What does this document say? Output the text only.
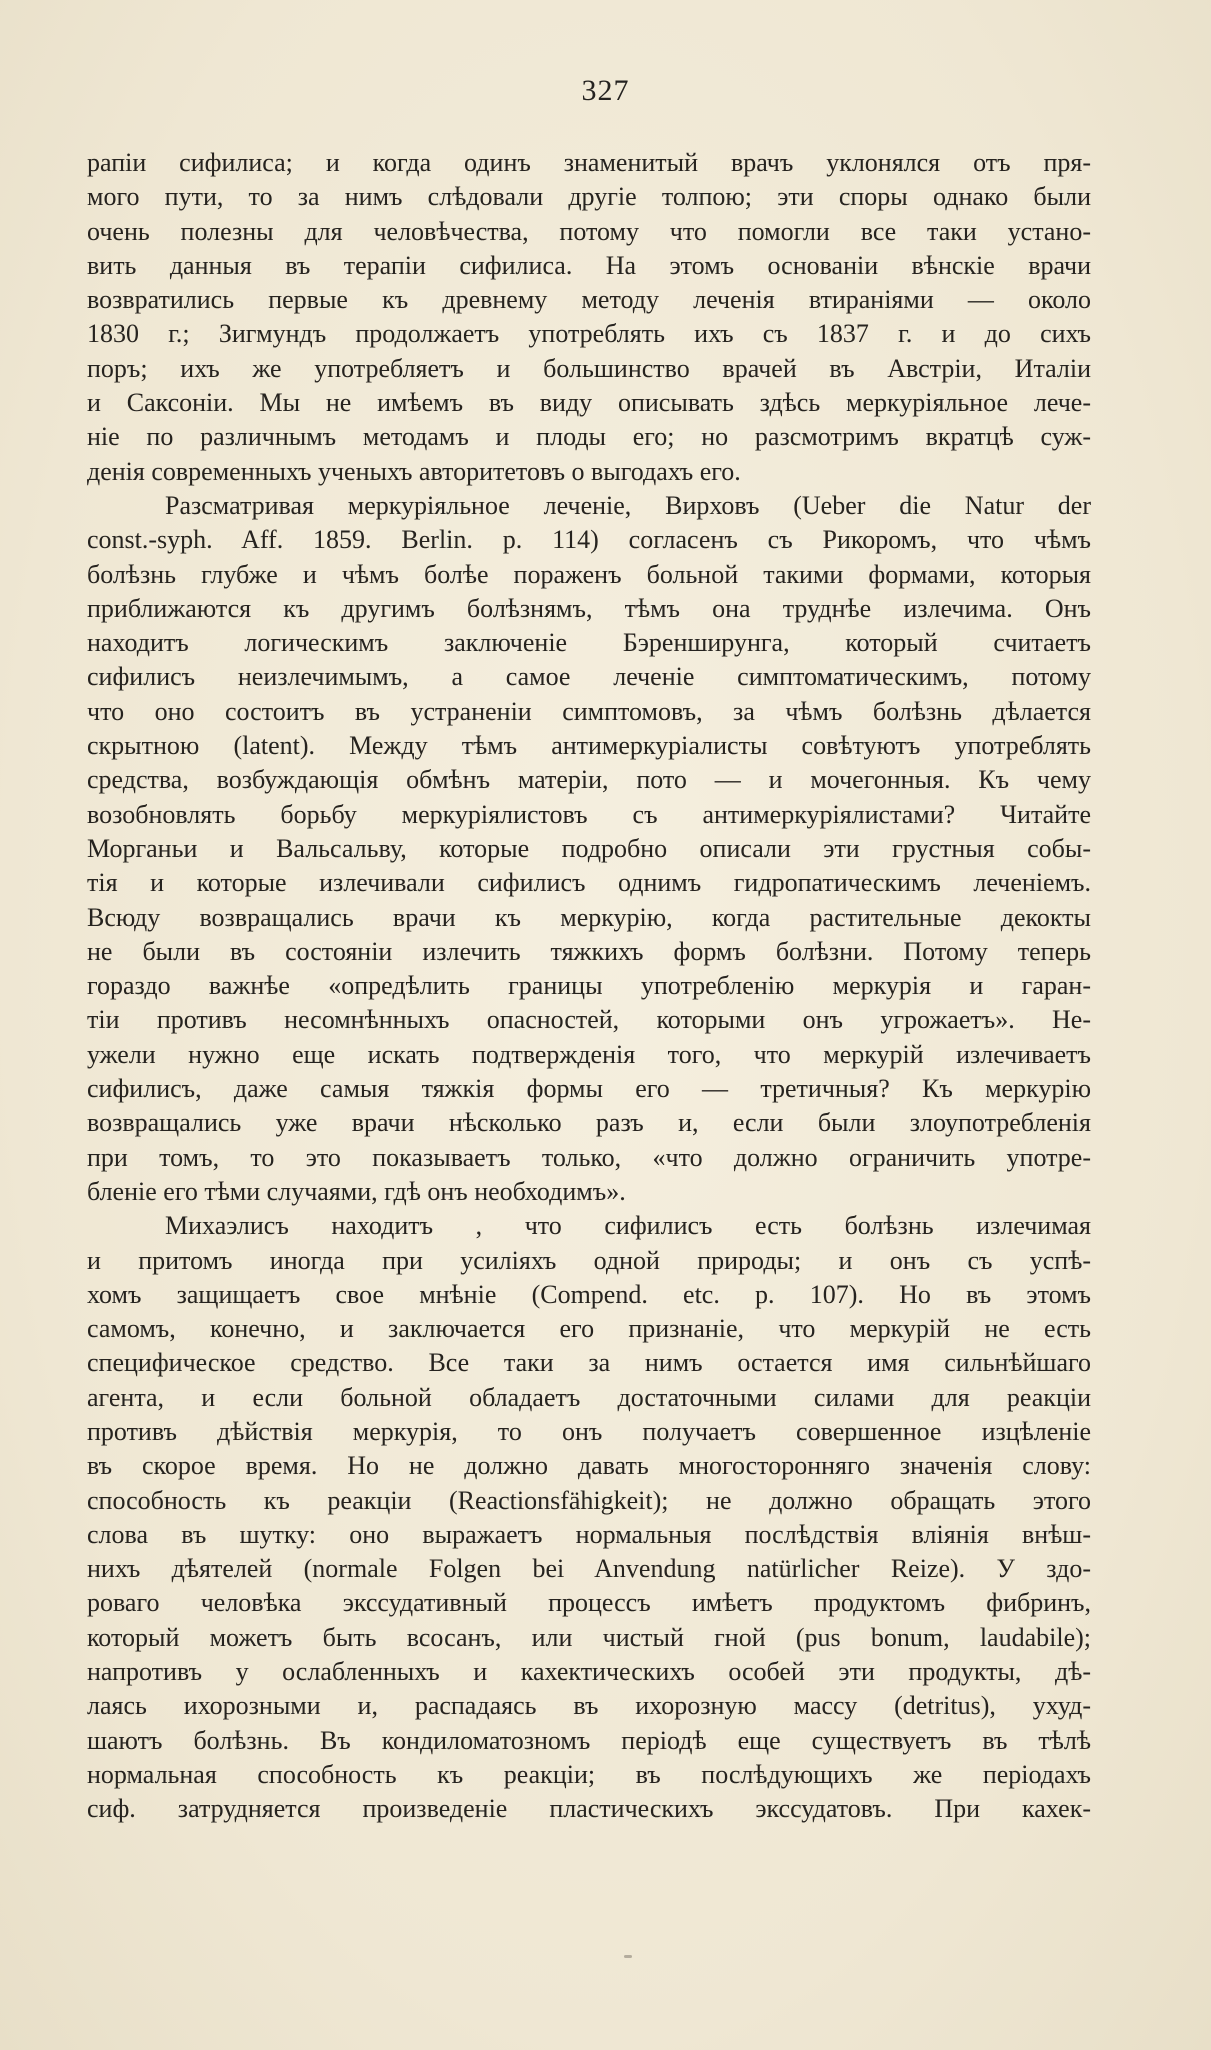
327
рапіи сифилиса; и когда одинъ знаменитый врачъ уклонялся отъ пря-
мого пути, то за нимъ слѣдовали другіе толпою; эти споры однако были
очень полезны для человѣчества, потому что помогли все таки устано-
вить данныя въ терапіи сифилиса. На этомъ основаніи вѣнскіе врачи
возвратились первые къ древнему методу леченія втираніями — около
1830 г.; Зигмундъ продолжаетъ употреблять ихъ съ 1837 г. и до сихъ
поръ; ихъ же употребляетъ и большинство врачей въ Австріи, Италіи
и Саксоніи. Мы не имѣемъ въ виду описывать здѣсь меркуріяльное лече-
ніе по различнымъ методамъ и плоды его; но разсмотримъ вкратцѣ суж-
денія современныхъ ученыхъ авторитетовъ о выгодахъ его.
Разсматривая меркуріяльное леченіе, Вирховъ (Ueber die Natur der
const.-syph. Aff. 1859. Berlin. p. 114) согласенъ съ Рикоромъ, что чѣмъ
болѣзнь глубже и чѣмъ болѣе пораженъ больной такими формами, которыя
приближаются къ другимъ болѣзнямъ, тѣмъ она труднѣе излечима. Онъ
находитъ логическимъ заключеніе Бэренширунга, который считаетъ
сифилисъ неизлечимымъ, а самое леченіе симптоматическимъ, потому
что оно состоитъ въ устраненіи симптомовъ, за чѣмъ болѣзнь дѣлается
скрытною (latent). Между тѣмъ антимеркуріалисты совѣтуютъ употреблять
средства, возбуждающія обмѣнъ матеріи, пото — и мочегонныя. Къ чему
возобновлять борьбу меркуріялистовъ съ антимеркуріялистами? Читайте
Морганьи и Вальсальву, которые подробно описали эти грустныя собы-
тія и которые излечивали сифилисъ однимъ гидропатическимъ леченіемъ.
Всюду возвращались врачи къ меркурію, когда растительные декокты
не были въ состояніи излечить тяжкихъ формъ болѣзни. Потому теперь
гораздо важнѣе «опредѣлить границы употребленію меркурія и гаран-
тіи противъ несомнѣнныхъ опасностей, которыми онъ угрожаетъ». Не-
ужели нужно еще искать подтвержденія того, что меркурій излечиваетъ
сифилисъ, даже самыя тяжкія формы его — третичныя? Къ меркурію
возвращались уже врачи нѣсколько разъ и, если были злоупотребленія
при томъ, то это показываетъ только, «что должно ограничить употре-
бленіе его тѣми случаями, гдѣ онъ необходимъ».
Михаэлисъ находитъ , что сифилисъ есть болѣзнь излечимая
и притомъ иногда при усиліяхъ одной природы; и онъ съ успѣ-
хомъ защищаетъ свое мнѣніе (Compend. etc. p. 107). Но въ этомъ
самомъ, конечно, и заключается его признаніе, что меркурій не есть
специфическое средство. Все таки за нимъ остается имя сильнѣйшаго
агента, и если больной обладаетъ достаточными силами для реакціи
противъ дѣйствія меркурія, то онъ получаетъ совершенное изцѣленіе
въ скорое время. Но не должно давать многосторонняго значенія слову:
способность къ реакціи (Reactionsfähigkeit); не должно обращать этого
слова въ шутку: оно выражаетъ нормальныя послѣдствія вліянія внѣш-
нихъ дѣятелей (normale Folgen bei Anvendung natürlicher Reize). У здо-
роваго человѣка экссудативный процессъ имѣетъ продуктомъ фибринъ,
который можетъ быть всосанъ, или чистый гной (pus bonum, laudabile);
напротивъ у ослабленныхъ и кахектическихъ особей эти продукты, дѣ-
лаясь ихорозными и, распадаясь въ ихорозную массу (detritus), ухуд-
шаютъ болѣзнь. Въ кондиломатозномъ періодѣ еще существуетъ въ тѣлѣ
нормальная способность къ реакціи; въ послѣдующихъ же періодахъ
сиф. затрудняется произведеніе пластическихъ экссудатовъ. При кахек-
